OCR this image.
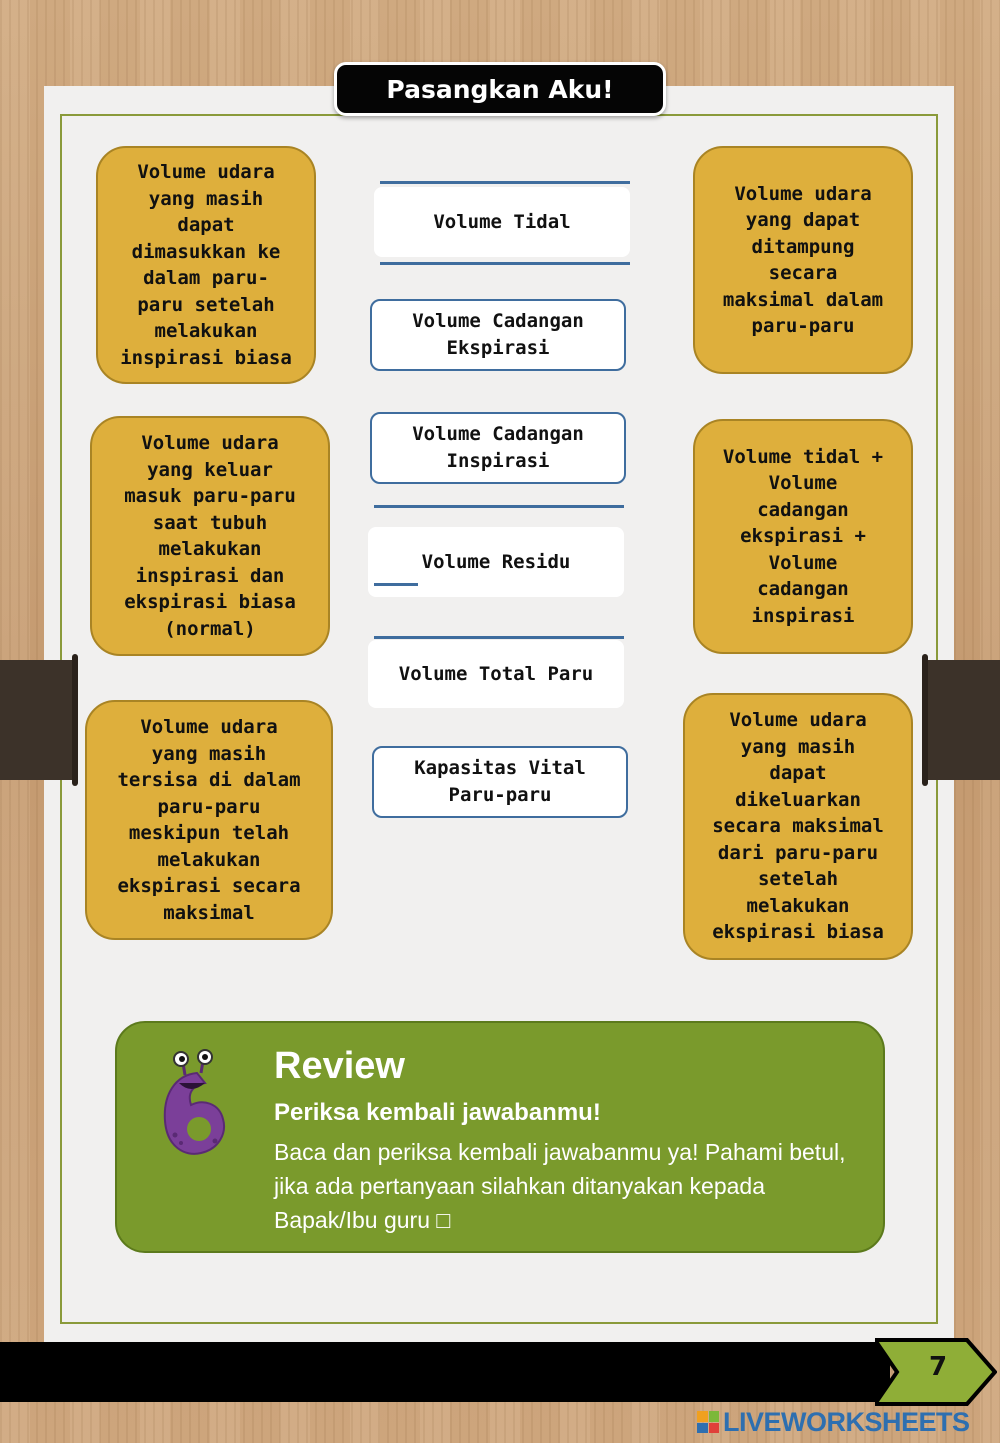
Pasangkan Aku!
Volume udara
yang masih
dapat
dimasukkan ke
dalam paru-
paru setelah
melakukan
inspirasi biasa
Volume udara
yang keluar
masuk paru-paru
saat tubuh
melakukan
inspirasi dan
ekspirasi biasa
(normal)
Volume udara
yang masih
tersisa di dalam
paru-paru
meskipun telah
melakukan
ekspirasi secara
maksimal
Volume udara
yang dapat
ditampung
secara
maksimal dalam
paru-paru
Volume tidal +
Volume
cadangan
ekspirasi +
Volume
cadangan
inspirasi
Volume udara
yang masih
dapat
dikeluarkan
secara maksimal
dari paru-paru
setelah
melakukan
ekspirasi biasa
Volume Tidal
Volume Cadangan
Ekspirasi
Volume Cadangan
Inspirasi
Volume Residu
Volume Total Paru
Kapasitas Vital
Paru-paru
Review
Periksa kembali jawabanmu!
Baca dan periksa kembali jawabanmu ya! Pahami betul, jika ada pertanyaan silahkan ditanyakan kepada Bapak/Ibu guru □
7
LIVEWORKSHEETS
